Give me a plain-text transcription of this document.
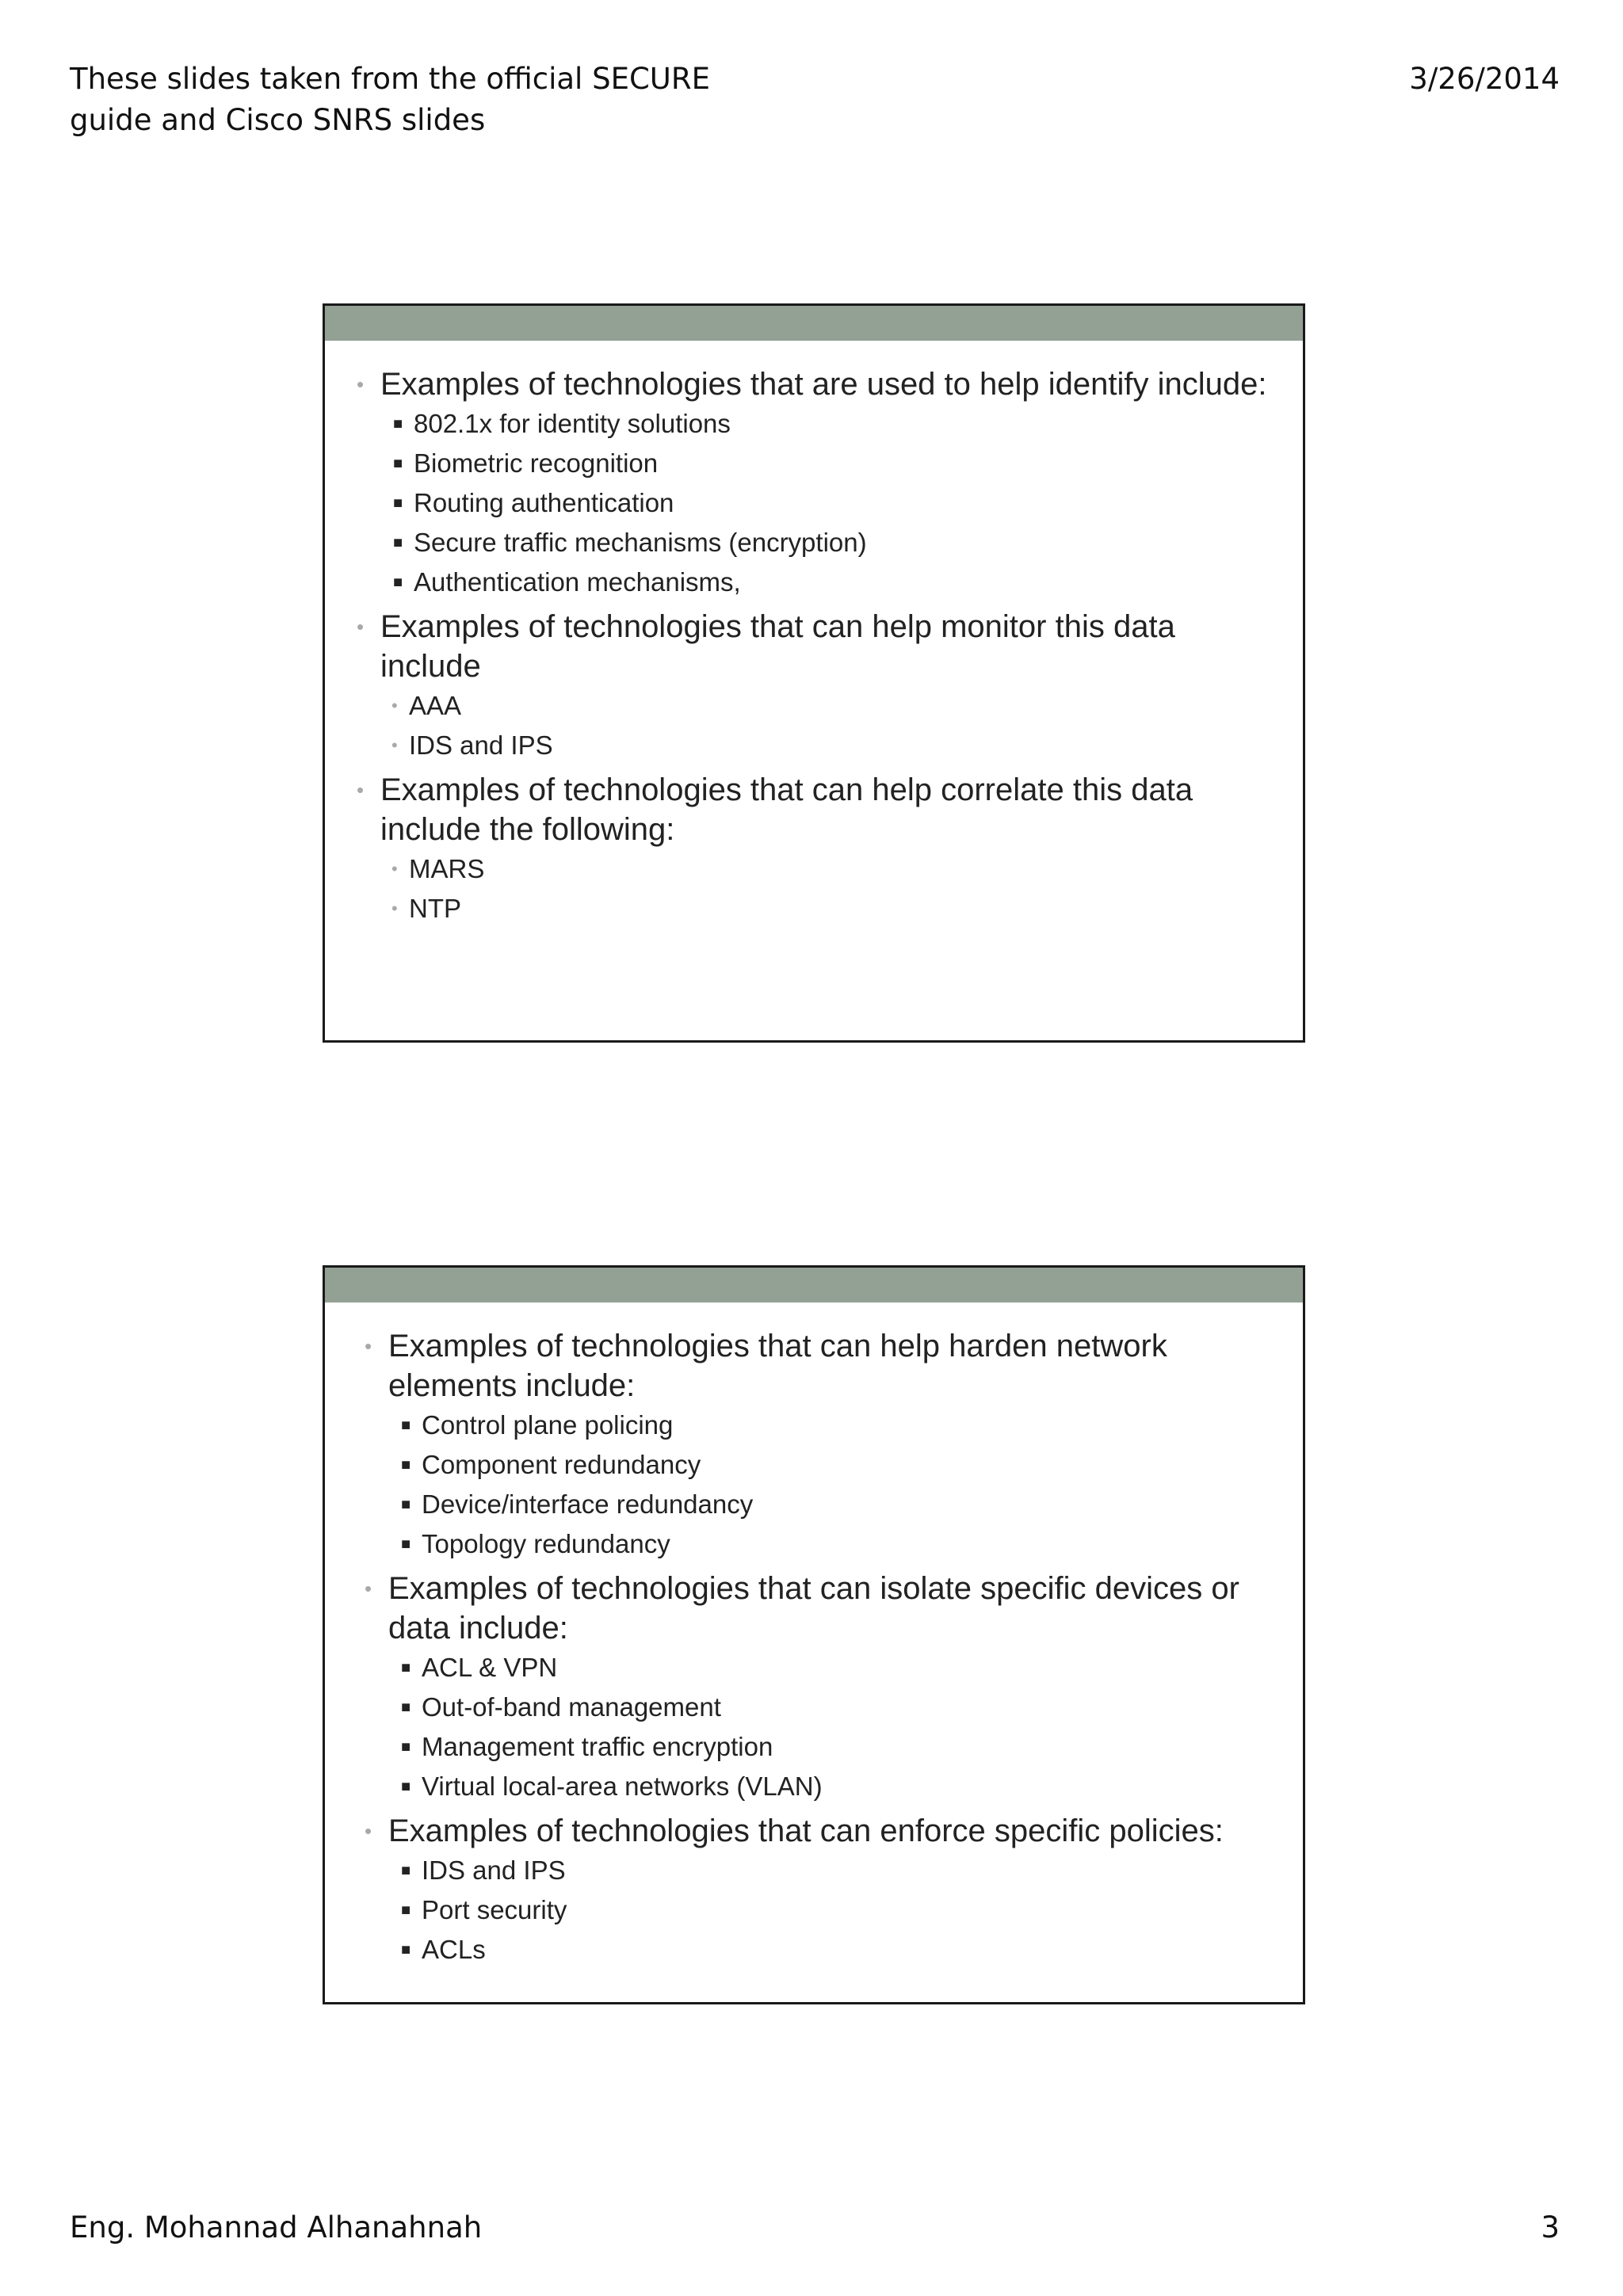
These slides taken from the official SECURE
guide and Cisco SNRS slides
3/26/2014
• Examples of technologies that are used to help identify include:
■ 802.1x for identity solutions
■ Biometric recognition
■ Routing authentication
■ Secure traffic mechanisms (encryption)
■ Authentication mechanisms,
• Examples of technologies that can help monitor this data include
• AAA
• IDS and IPS
• Examples of technologies that can help correlate this data include the following:
• MARS
• NTP
• Examples of technologies that can help harden network elements include:
■ Control plane policing
■ Component redundancy
■ Device/interface redundancy
■ Topology redundancy
• Examples of technologies that can isolate specific devices or data include:
■ ACL & VPN
■ Out-of-band management
■ Management traffic encryption
■ Virtual local-area networks (VLAN)
• Examples of technologies that can enforce specific policies:
■ IDS and IPS
■ Port security
■ ACLs
Eng. Mohannad Alhanahnah	3
